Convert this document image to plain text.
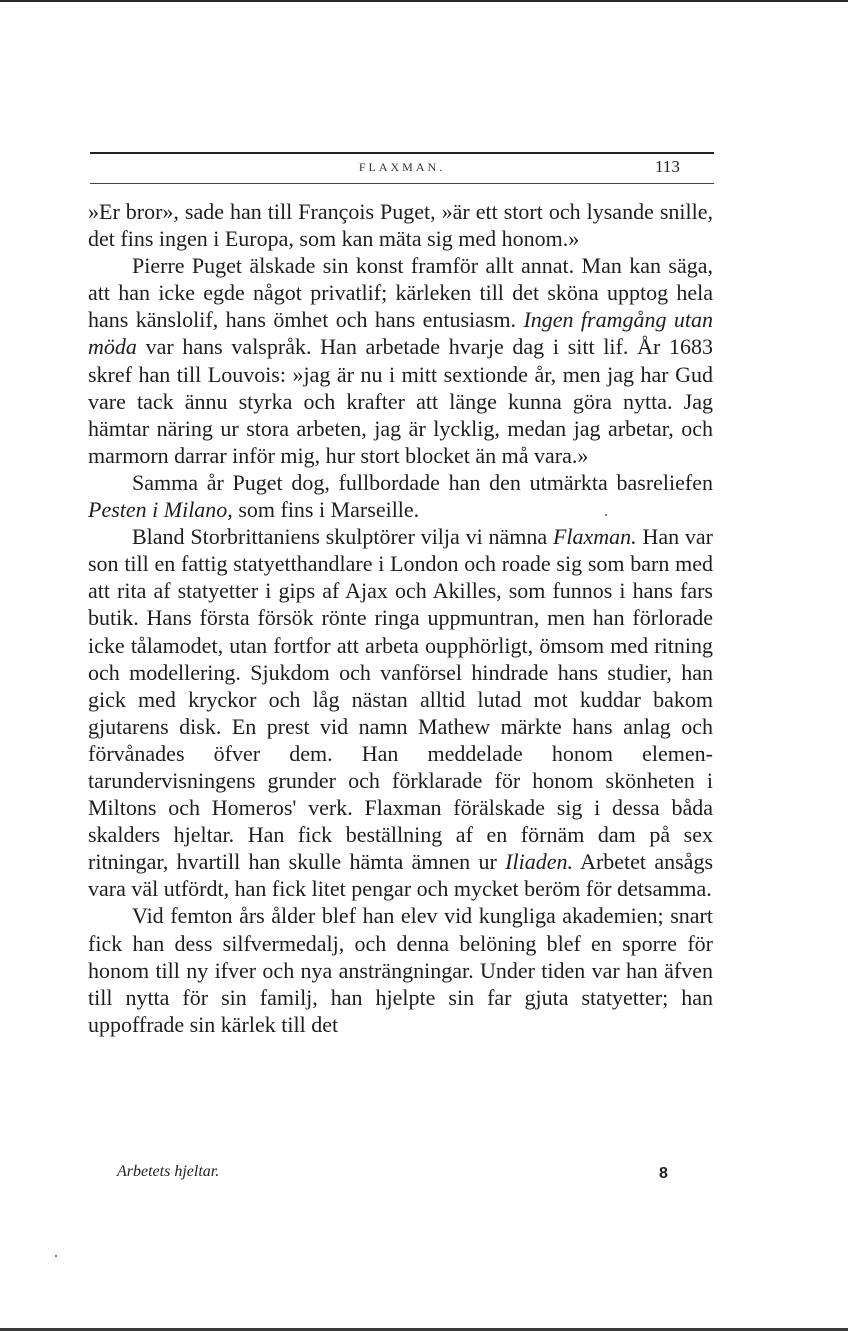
FLAXMAN.	113

»Er bror», sade han till François Puget, »är ett stort och lysande snille, det fins ingen i Europa, som kan mäta sig med honom.»

Pierre Puget älskade sin konst framför allt annat. Man kan säga, att han icke egde något privatlif; kärleken till det sköna upptog hela hans känslolif, hans ömhet och hans entusiasm. Ingen framgång utan möda var hans valspråk. Han arbetade hvarje dag i sitt lif. År 1683 skref han till Louvois: »jag är nu i mitt sextionde år, men jag har Gud vare tack ännu styrka och krafter att länge kunna göra nytta. Jag hämtar näring ur stora arbeten, jag är lycklig, medan jag arbetar, och marmorn darrar inför mig, hur stort blocket än må vara.»

Samma år Puget dog, fullbordade han den utmärkta basreliefen Pesten i Milano, som fins i Marseille.

Bland Storbrittaniens skulptörer vilja vi nämna Flaxman. Han var son till en fattig statyetthandlare i London och roade sig som barn med att rita af statyetter i gips af Ajax och Akilles, som funnos i hans fars butik. Hans första försök rönte ringa uppmuntran, men han förlorade icke tålamodet, utan fortfor att arbeta oupphörligt, ömsom med ritning och modellering. Sjukdom och vanförsel hindrade hans studier, han gick med kryckor och låg nästan alltid lutad mot kuddar bakom gjutarens disk. En prest vid namn Mathew märkte hans anlag och förvånades öfver dem. Han meddelade honom elementarundervisningens grunder och förklarade för honom skönheten i Miltons och Homeros' verk. Flaxman förälskade sig i dessa båda skalders hjeltar. Han fick beställning af en förnäm dam på sex ritningar, hvartill han skulle hämta ämnen ur Iliaden. Arbetet ansågs vara väl utfördt, han fick litet pengar och mycket beröm för detsamma.

Vid femton års ålder blef han elev vid kungliga akademien; snart fick han dess silfvermedalj, och denna belöning blef en sporre för honom till ny ifver och nya ansträngningar. Under tiden var han äfven till nytta för sin familj, han hjelpte sin far gjuta statyetter; han uppoffrade sin kärlek till det

Arbetets hjeltar.	8
